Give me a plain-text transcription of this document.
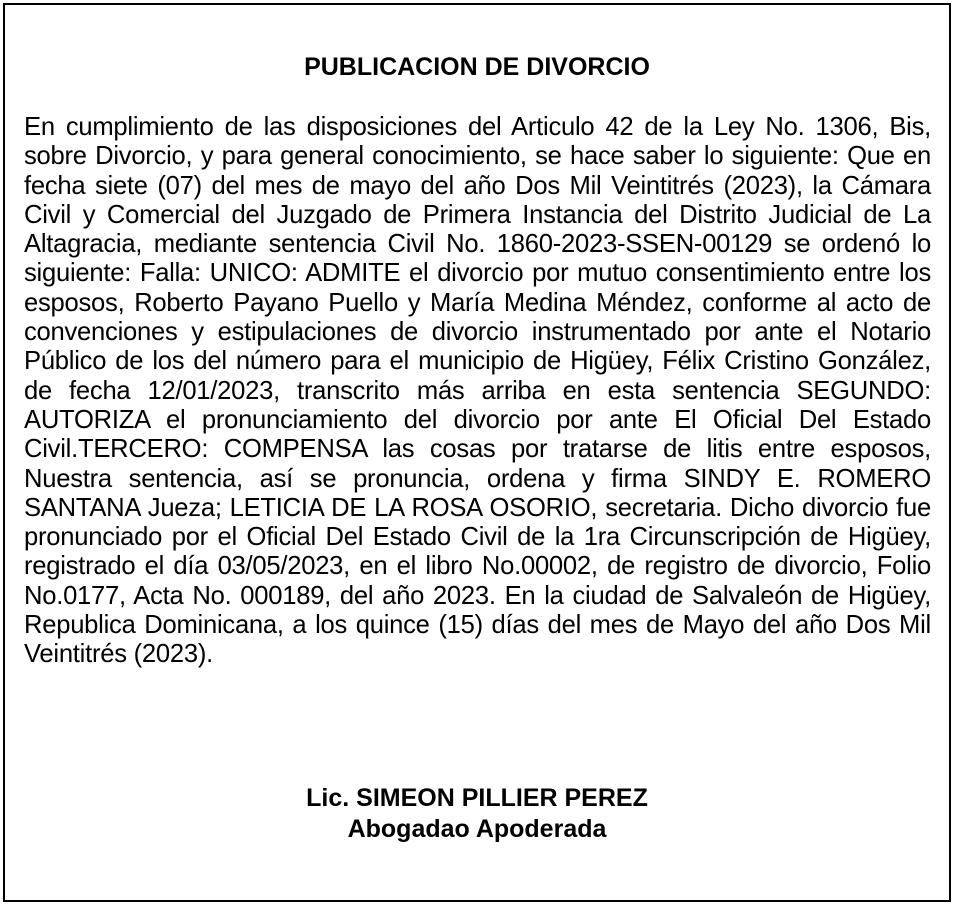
PUBLICACION DE DIVORCIO
En cumplimiento de las disposiciones del Articulo 42 de la Ley No. 1306, Bis, sobre Divorcio, y para general conocimiento, se hace saber lo siguiente: Que en fecha siete (07) del mes de mayo del año Dos Mil Veintitrés (2023), la Cámara Civil y Comercial del Juzgado de Primera Instancia del Distrito Judicial de La Altagracia, mediante sentencia Civil No. 1860-2023-SSEN-00129 se ordenó lo siguiente: Falla: UNICO: ADMITE el divorcio por mutuo consentimiento entre los esposos, Roberto Payano Puello y María Medina Méndez, conforme al acto de convenciones y estipulaciones de divorcio instrumentado por ante el Notario Público de los del número para el municipio de Higüey, Félix Cristino González, de fecha 12/01/2023, transcrito más arriba en esta sentencia SEGUNDO: AUTORIZA el pronunciamiento del divorcio por ante El Oficial Del Estado Civil.TERCERO: COMPENSA las cosas por tratarse de litis entre esposos, Nuestra sentencia, así se pronuncia, ordena y firma SINDY E. ROMERO SANTANA Jueza; LETICIA DE LA ROSA OSORIO, secretaria. Dicho divorcio fue pronunciado por el Oficial Del Estado Civil de la 1ra Circunscripción de Higüey, registrado el día 03/05/2023, en el libro No.00002, de registro de divorcio, Folio No.0177, Acta No. 000189, del año 2023. En la ciudad de Salvaleón de Higüey, Republica Dominicana, a los quince (15) días del mes de Mayo del año Dos Mil Veintitrés (2023).
Lic. SIMEON PILLIER PEREZ
Abogadao Apoderada
